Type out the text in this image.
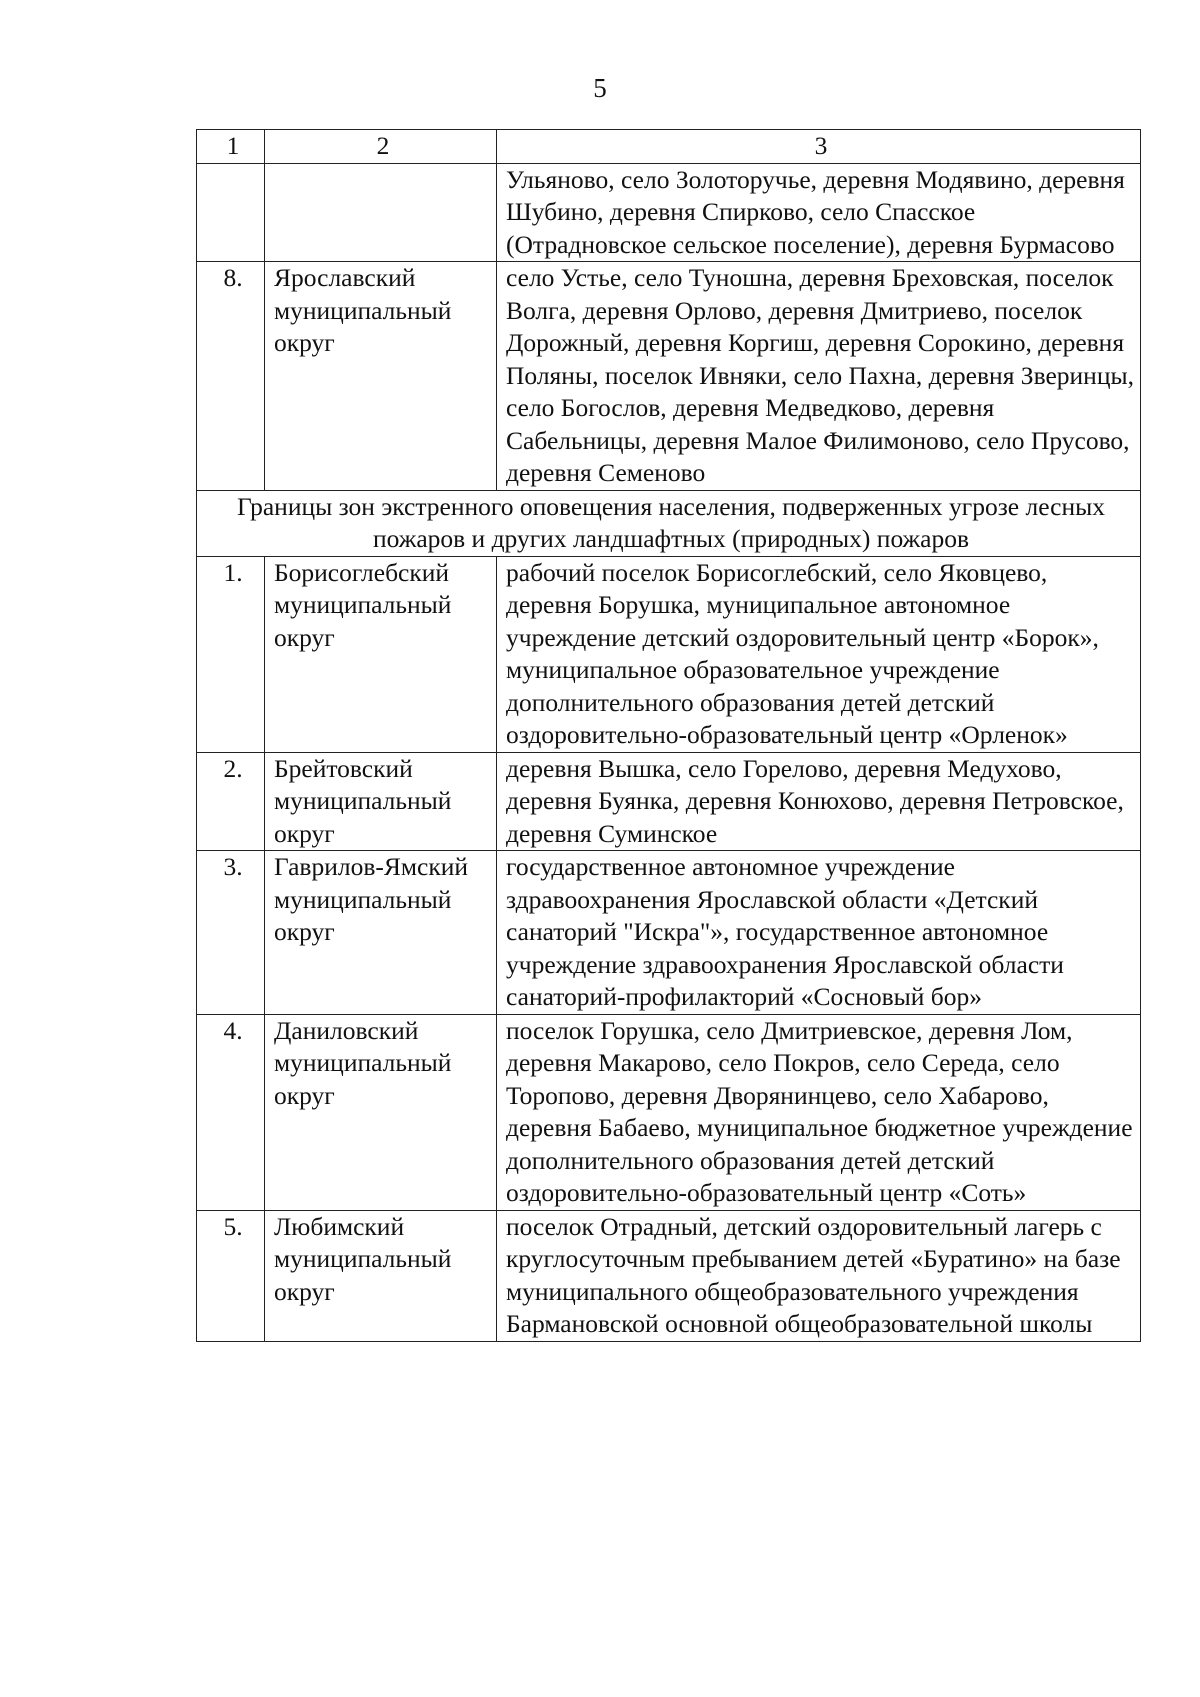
5
1	2	3
		Ульяново, село Золоторучье, деревня Модявино, деревня Шубино, деревня Спирково, село Спасское (Отрадновское сельское поселение), деревня Бурмасово
8.	Ярославский муниципальный округ	село Устье, село Туношна, деревня Бреховская, поселок Волга, деревня Орлово, деревня Дмитриево, поселок Дорожный, деревня Коргиш, деревня Сорокино, деревня Поляны, поселок Ивняки, село Пахна, деревня Зверинцы, село Богослов, деревня Медведково, деревня Сабельницы, деревня Малое Филимоново, село Прусово, деревня Семеново
Границы зон экстренного оповещения населения, подверженных угрозе лесных пожаров и других ландшафтных (природных) пожаров		
1.	Борисоглебский муниципальный округ	рабочий поселок Борисоглебский, село Яковцево, деревня Борушка, муниципальное автономное учреждение детский оздоровительный центр «Борок», муниципальное образовательное учреждение дополнительного образования детей детский оздоровительно-образовательный центр «Орленок»
2.	Брейтовский муниципальный округ	деревня Вышка, село Горелово, деревня Медухово, деревня Буянка, деревня Конюхово, деревня Петровское, деревня Суминское
3.	Гаврилов-Ямский муниципальный округ	государственное автономное учреждение здравоохранения Ярославской области «Детский санаторий "Искра"», государственное автономное учреждение здравоохранения Ярославской области санаторий-профилакторий «Сосновый бор»
4.	Даниловский муниципальный округ	поселок Горушка, село Дмитриевское, деревня Лом, деревня Макарово, село Покров, село Середа, село Торопово, деревня Дворянинцево, село Хабарово, деревня Бабаево, муниципальное бюджетное учреждение дополнительного образования детей детский оздоровительно-образовательный центр «Соть»
5.	Любимский муниципальный округ	поселок Отрадный, детский оздоровительный лагерь с круглосуточным пребыванием детей «Буратино» на базе муниципального общеобразовательного учреждения Бармановской основной общеобразовательной школы
